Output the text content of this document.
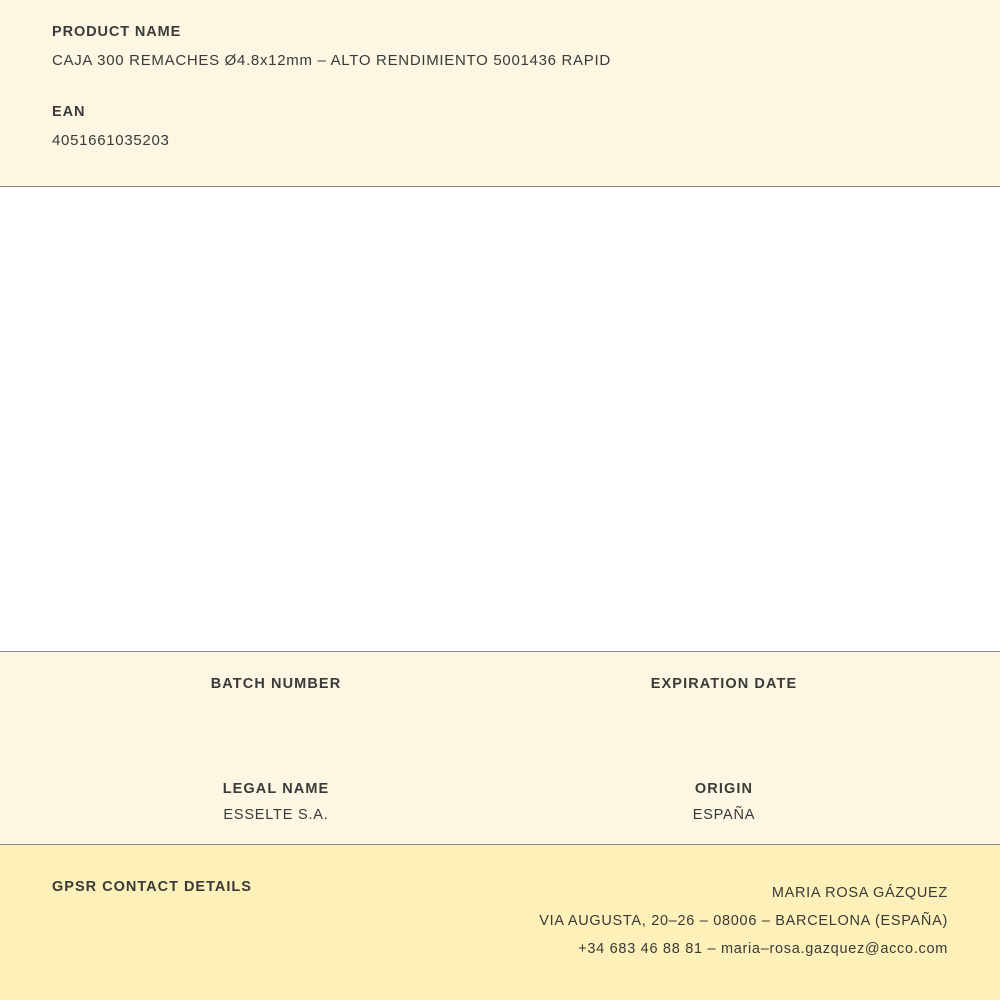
PRODUCT NAME

CAJA 300 REMACHES Ø4.8x12mm – ALTO RENDIMIENTO 5001436 RAPID

EAN

4051661035203

BATCH NUMBER	EXPIRATION DATE

LEGAL NAME

ESSELTE S.A.

ORIGIN

ESPAÑA

GPSR CONTACT DETAILS	MARIA ROSA GÁZQUEZ
VIA AUGUSTA, 20–26 – 08006 – BARCELONA (ESPAÑA)
+34 683 46 88 81 – maria–rosa.gazquez@acco.com
